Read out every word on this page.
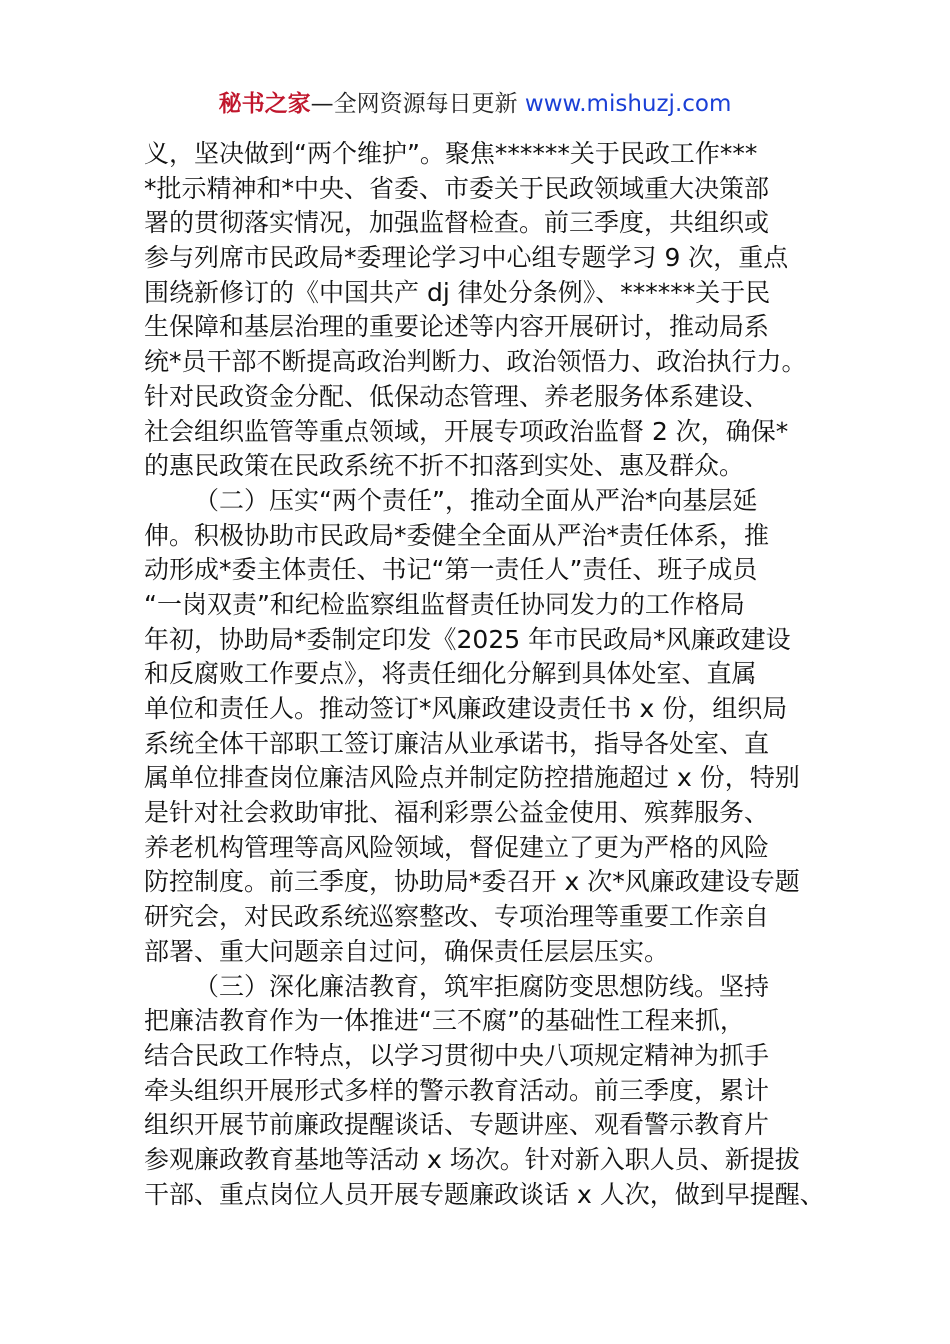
秘书之家—全网资源每日更新 www.mishuzj.com
义，坚决做到“两个维护”。聚焦******关于民政工作***
*批示精神和*中央、省委、市委关于民政领域重大决策部
署的贯彻落实情况，加强监督检查。前三季度，共组织或
参与列席市民政局*委理论学习中心组专题学习 9 次，重点
围绕新修订的《中国共产 dj 律处分条例》、******关于民
生保障和基层治理的重要论述等内容开展研讨，推动局系
统*员干部不断提高政治判断力、政治领悟力、政治执行力。
针对民政资金分配、低保动态管理、养老服务体系建设、
社会组织监管等重点领域，开展专项政治监督 2 次，确保*
的惠民政策在民政系统不折不扣落到实处、惠及群众。
（二）压实“两个责任”，推动全面从严治*向基层延
伸。积极协助市民政局*委健全全面从严治*责任体系，推
动形成*委主体责任、书记“第一责任人”责任、班子成员
“一岗双责”和纪检监察组监督责任协同发力的工作格局
年初，协助局*委制定印发《2025 年市民政局*风廉政建设
和反腐败工作要点》，将责任细化分解到具体处室、直属
单位和责任人。推动签订*风廉政建设责任书 x 份，组织局
系统全体干部职工签订廉洁从业承诺书，指导各处室、直
属单位排查岗位廉洁风险点并制定防控措施超过 x 份，特别
是针对社会救助审批、福利彩票公益金使用、殡葬服务、
养老机构管理等高风险领域，督促建立了更为严格的风险
防控制度。前三季度，协助局*委召开 x 次*风廉政建设专题
研究会，对民政系统巡察整改、专项治理等重要工作亲自
部署、重大问题亲自过问，确保责任层层压实。
（三）深化廉洁教育，筑牢拒腐防变思想防线。坚持
把廉洁教育作为一体推进“三不腐”的基础性工程来抓，
结合民政工作特点，以学习贯彻中央八项规定精神为抓手
牵头组织开展形式多样的警示教育活动。前三季度，累计
组织开展节前廉政提醒谈话、专题讲座、观看警示教育片
参观廉政教育基地等活动 x 场次。针对新入职人员、新提拔
干部、重点岗位人员开展专题廉政谈话 x 人次，做到早提醒、
